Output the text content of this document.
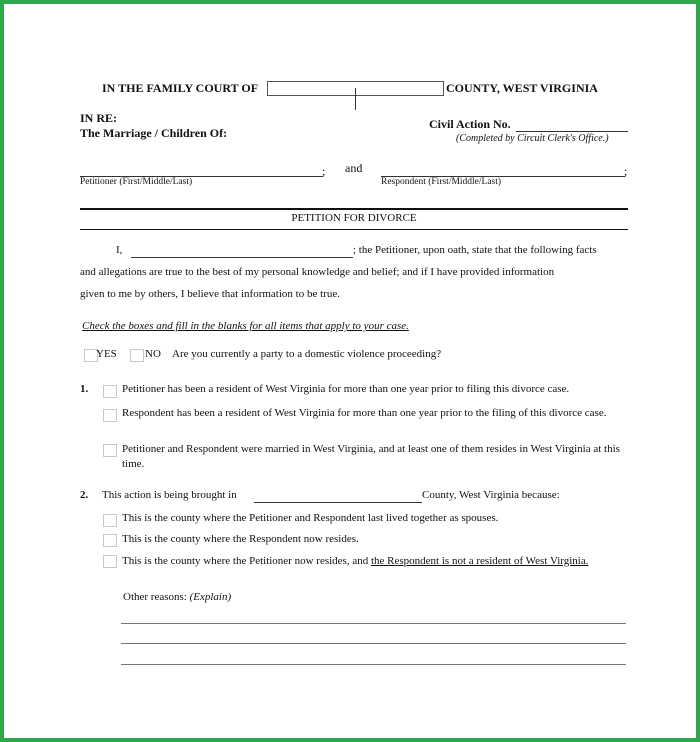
IN THE FAMILY COURT OF	COUNTY, WEST VIRGINIA
IN RE:
The Marriage / Children Of:
Civil Action No.
(Completed by Circuit Clerk's Office.)
; and	;
Petitioner (First/Middle/Last)	Respondent (First/Middle/Last)
PETITION FOR DIVORCE
I,	; the Petitioner, upon oath, state that the following facts
and allegations are true to the best of my personal knowledge and belief; and if I have provided information
given to me by others, I believe that information to be true.
Check the boxes and fill in the blanks for all items that apply to your case.
YES	NO Are you currently a party to a domestic violence proceeding?
1.	Petitioner has been a resident of West Virginia for more than one year prior to filing this divorce case.
Respondent has been a resident of West Virginia for more than one year prior to the filing of this divorce case.
Petitioner and Respondent were married in West Virginia, and at least one of them resides in West Virginia at this time.
2. This action is being brought in	County, West Virginia because:
This is the county where the Petitioner and Respondent last lived together as spouses.
This is the county where the Respondent now resides.
This is the county where the Petitioner now resides, and the Respondent is not a resident of West Virginia.
Other reasons: (Explain)
